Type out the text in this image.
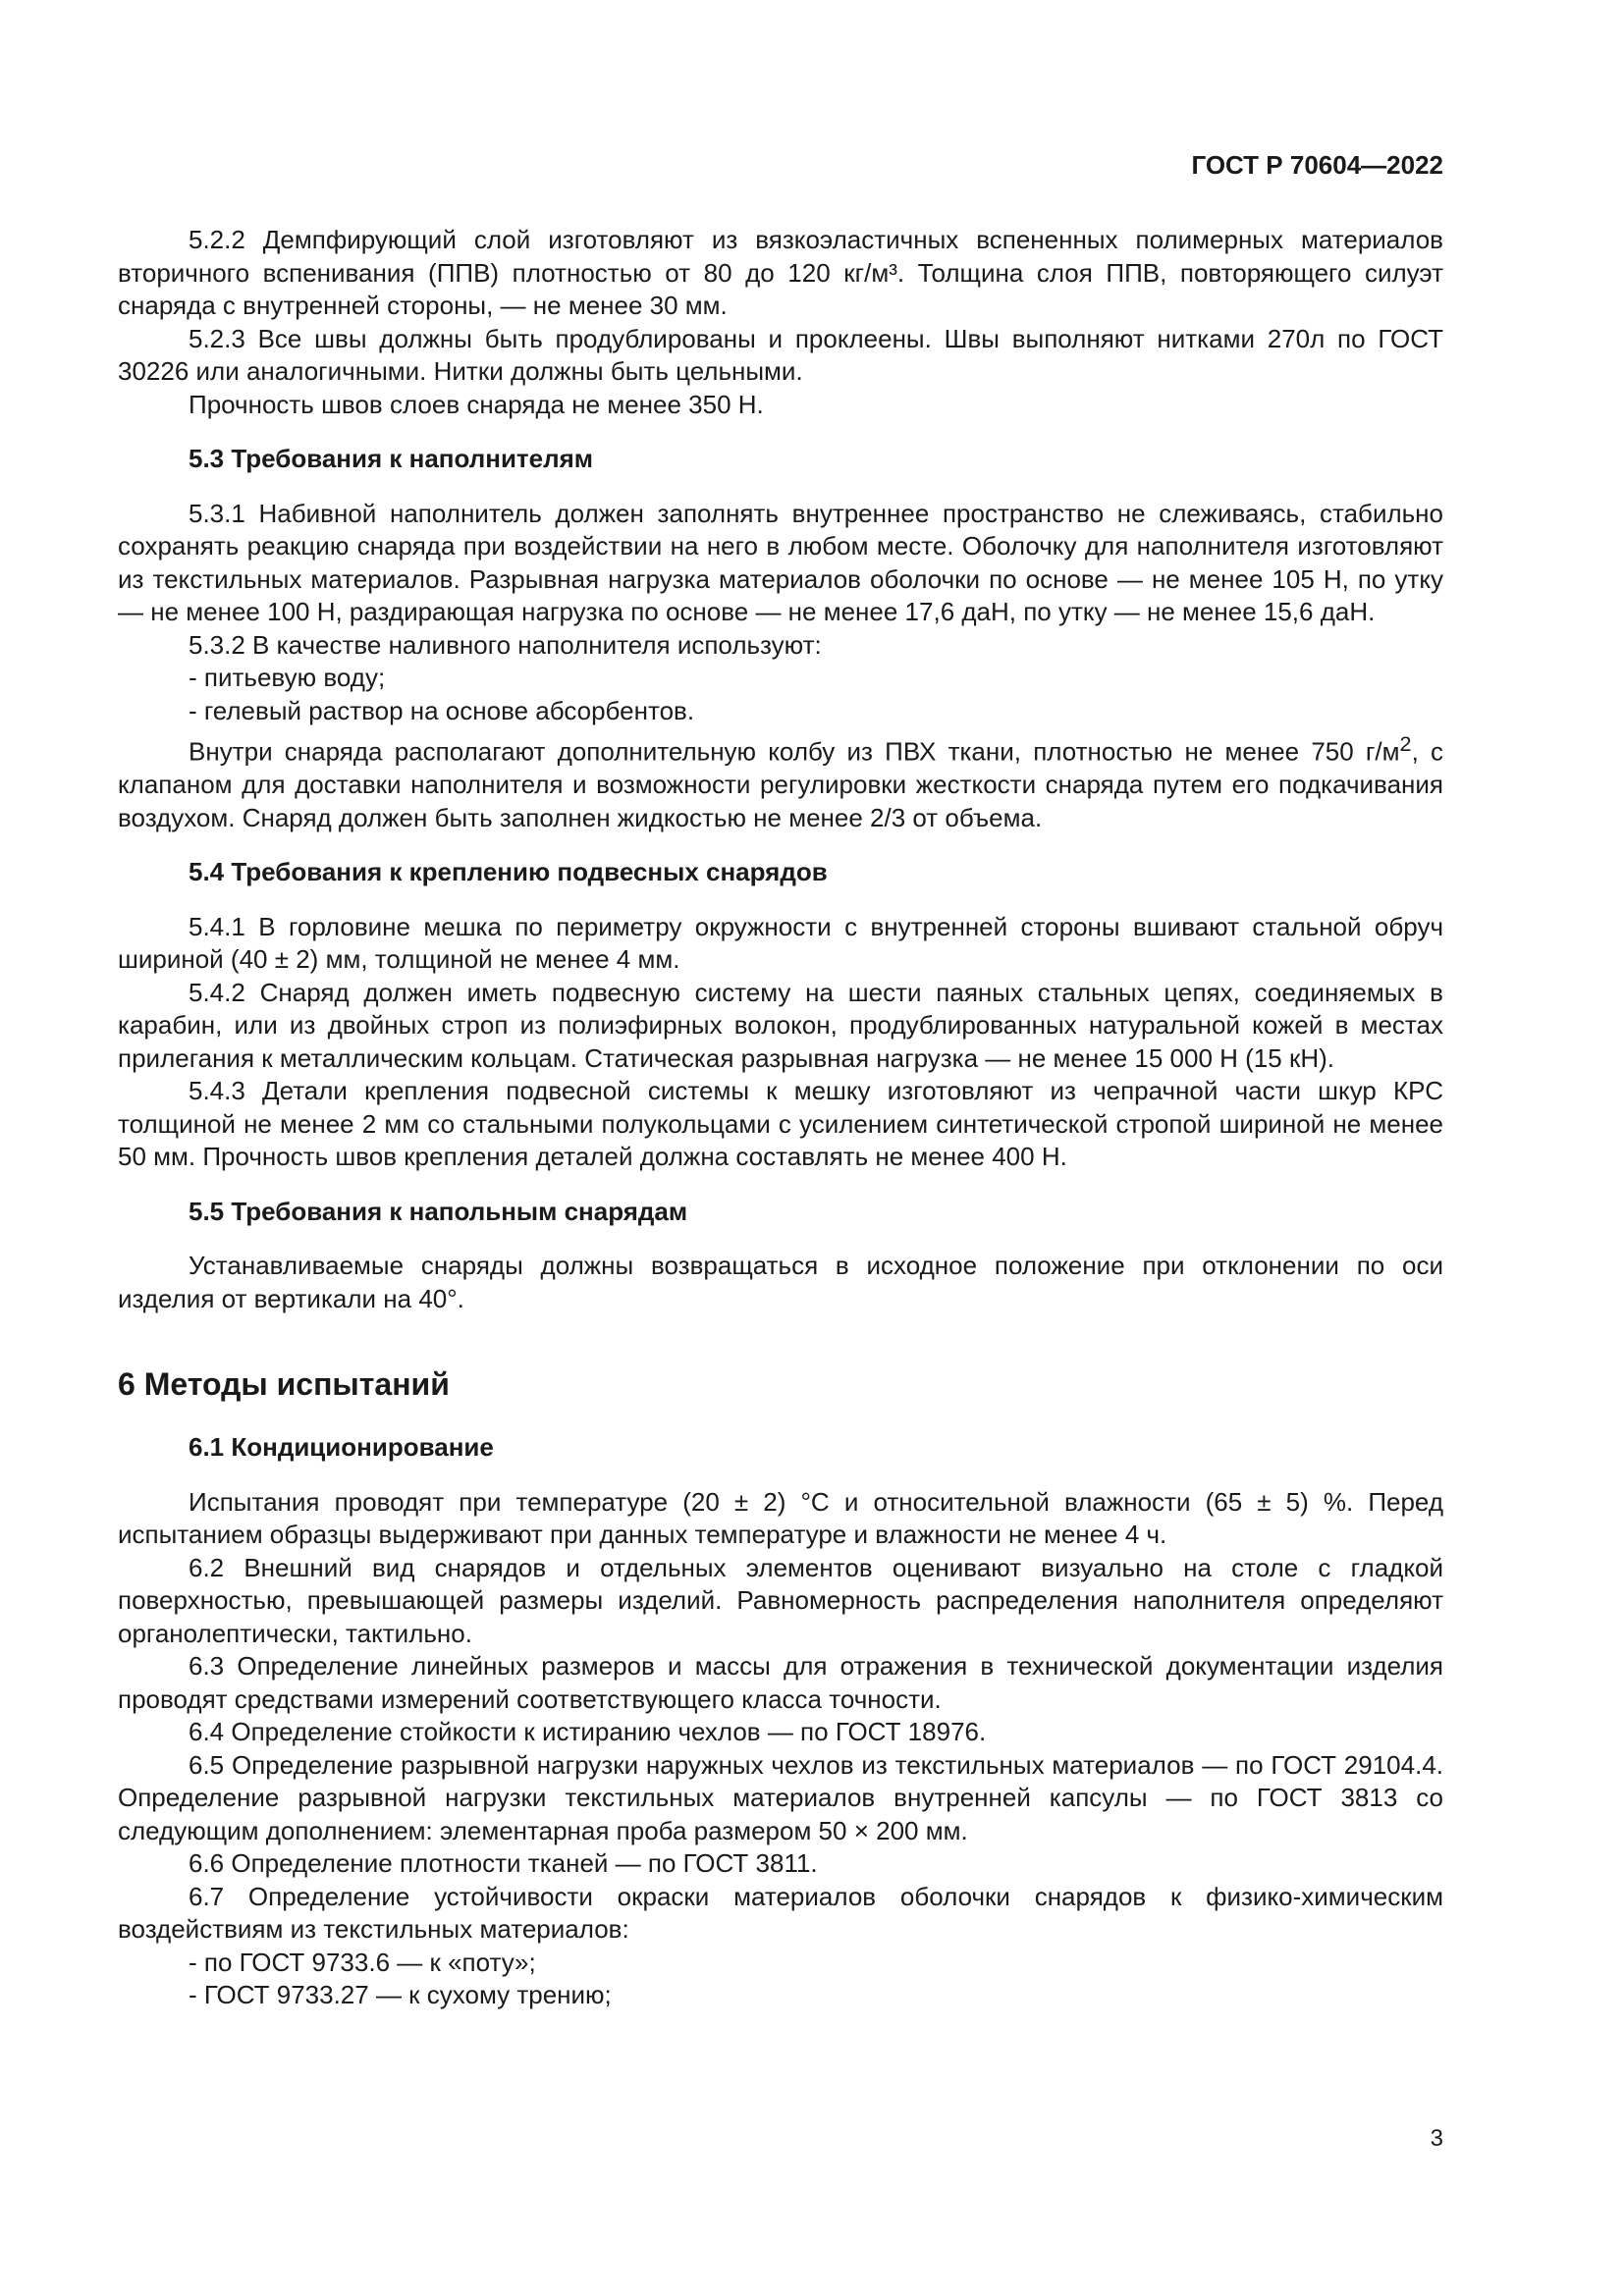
ГОСТ Р 70604—2022

5.2.2 Демпфирующий слой изготовляют из вязкоэластичных вспененных полимерных материалов вторичного вспенивания (ППВ) плотностью от 80 до 120 кг/м³. Толщина слоя ППВ, повторяющего силуэт снаряда с внутренней стороны, — не менее 30 мм.

5.2.3 Все швы должны быть продублированы и проклеены. Швы выполняют нитками 270л по ГОСТ 30226 или аналогичными. Нитки должны быть цельными.

Прочность швов слоев снаряда не менее 350 Н.

5.3 Требования к наполнителям

5.3.1 Набивной наполнитель должен заполнять внутреннее пространство не слеживаясь, стабильно сохранять реакцию снаряда при воздействии на него в любом месте. Оболочку для наполнителя изготовляют из текстильных материалов. Разрывная нагрузка материалов оболочки по основе — не менее 105 Н, по утку — не менее 100 Н, раздирающая нагрузка по основе — не менее 17,6 даН, по утку — не менее 15,6 даН.

5.3.2 В качестве наливного наполнителя используют:

- питьевую воду;

- гелевый раствор на основе абсорбентов.

Внутри снаряда располагают дополнительную колбу из ПВХ ткани, плотностью не менее 750 $г/м^2$, с клапаном для доставки наполнителя и возможности регулировки жесткости снаряда путем его подкачивания воздухом. Снаряд должен быть заполнен жидкостью не менее 2/3 от объема.

5.4 Требования к креплению подвесных снарядов

5.4.1 В горловине мешка по периметру окружности с внутренней стороны вшивают стальной обруч шириной (40 ± 2) мм, толщиной не менее 4 мм.

5.4.2 Снаряд должен иметь подвесную систему на шести паяных стальных цепях, соединяемых в карабин, или из двойных строп из полиэфирных волокон, продублированных натуральной кожей в местах прилегания к металлическим кольцам. Статическая разрывная нагрузка — не менее 15 000 Н (15 кН).

5.4.3 Детали крепления подвесной системы к мешку изготовляют из чепрачной части шкур КРС толщиной не менее 2 мм со стальными полукольцами с усилением синтетической стропой шириной не менее 50 мм. Прочность швов крепления деталей должна составлять не менее 400 Н.

5.5 Требования к напольным снарядам

Устанавливаемые снаряды должны возвращаться в исходное положение при отклонении по оси изделия от вертикали на 40°.

6 Методы испытаний
6.1 Кондиционирование

Испытания проводят при температуре (20 ± 2) °С и относительной влажности (65 ± 5) %. Перед испытанием образцы выдерживают при данных температуре и влажности не менее 4 ч.

6.2 Внешний вид снарядов и отдельных элементов оценивают визуально на столе с гладкой поверхностью, превышающей размеры изделий. Равномерность распределения наполнителя определяют органолептически, тактильно.

6.3 Определение линейных размеров и массы для отражения в технической документации изделия проводят средствами измерений соответствующего класса точности.

6.4 Определение стойкости к истиранию чехлов — по ГОСТ 18976.

6.5 Определение разрывной нагрузки наружных чехлов из текстильных материалов — по ГОСТ 29104.4. Определение разрывной нагрузки текстильных материалов внутренней капсулы — по ГОСТ 3813 со следующим дополнением: элементарная проба размером 50 × 200 мм.

6.6 Определение плотности тканей — по ГОСТ 3811.

6.7 Определение устойчивости окраски материалов оболочки снарядов к физико-химическим воздействиям из текстильных материалов:

- по ГОСТ 9733.6 — к «поту»;

- ГОСТ 9733.27 — к сухому трению;

3
